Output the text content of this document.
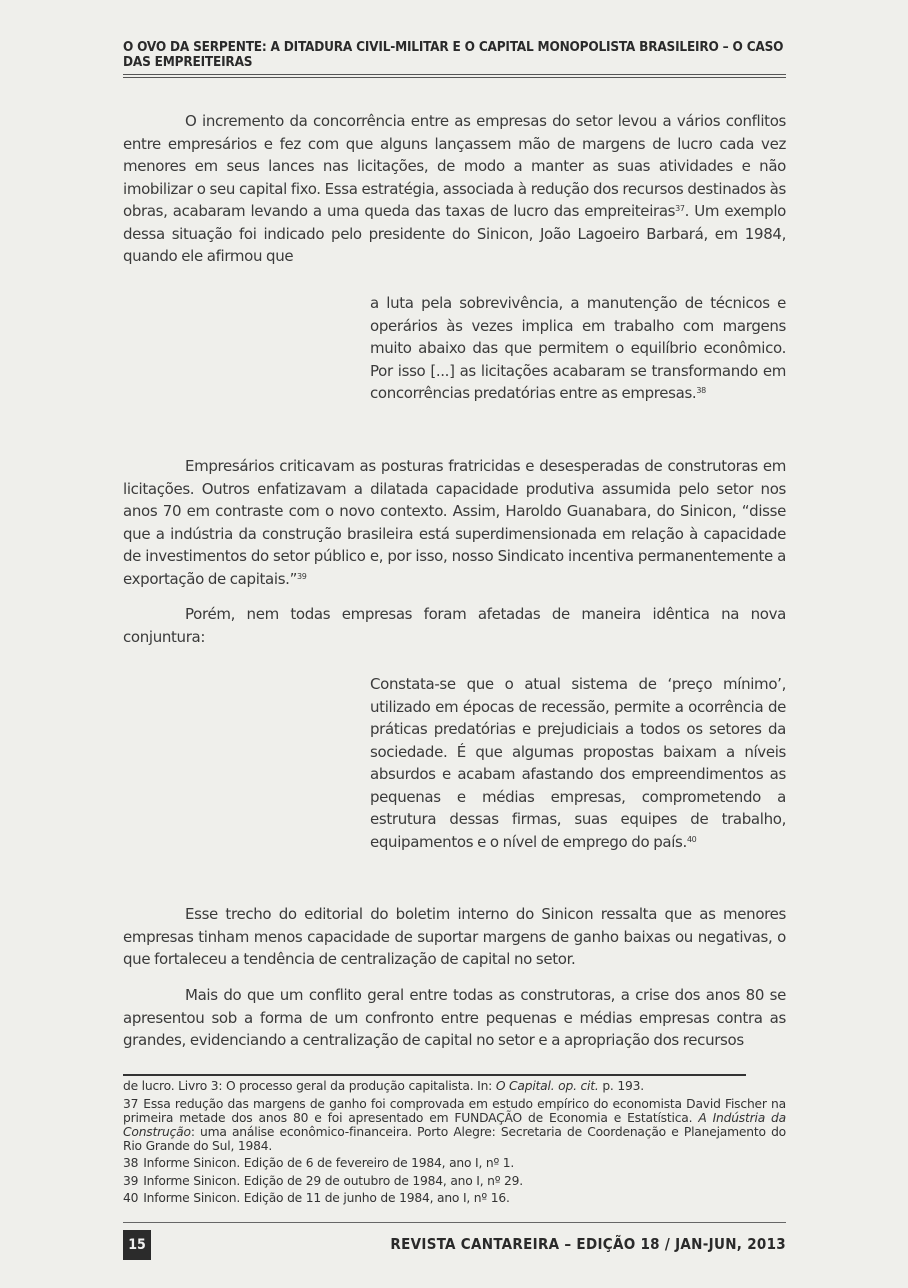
O OVO DA SERPENTE: A DITADURA CIVIL-MILITAR E O CAPITAL MONOPOLISTA BRASILEIRO – O CASO DAS EMPREITEIRAS

O incremento da concorrência entre as empresas do setor levou a vários conflitos entre empresários e fez com que alguns lançassem mão de margens de lucro cada vez menores em seus lances nas licitações, de modo a manter as suas atividades e não imobilizar o seu capital fixo. Essa estratégia, associada à redução dos recursos destinados às obras, acabaram levando a uma queda das taxas de lucro das empreiteiras$^{37}$. Um exemplo dessa situação foi indicado pelo presidente do Sinicon, João Lagoeiro Barbará, em 1984, quando ele afirmou que

a luta pela sobrevivência, a manutenção de técnicos e operários às vezes implica em trabalho com margens muito abaixo das que permitem o equilíbrio econômico. Por isso [...] as licitações acabaram se transformando em concorrências predatórias entre as empresas.$^{38}$

Empresários criticavam as posturas fratricidas e desesperadas de construtoras em licitações. Outros enfatizavam a dilatada capacidade produtiva assumida pelo setor nos anos 70 em contraste com o novo contexto. Assim, Haroldo Guanabara, do Sinicon, “disse que a indústria da construção brasileira está superdimensionada em relação à capacidade de investimentos do setor público e, por isso, nosso Sindicato incentiva permanentemente a exportação de capitais.”$^{39}$

Porém, nem todas empresas foram afetadas de maneira idêntica na nova conjuntura:

Constata-se que o atual sistema de ‘preço mínimo’, utilizado em épocas de recessão, permite a ocorrência de práticas predatórias e prejudiciais a todos os setores da sociedade. É que algumas propostas baixam a níveis absurdos e acabam afastando dos empreendimentos as pequenas e médias empresas, comprometendo a estrutura dessas firmas, suas equipes de trabalho, equipamentos e o nível de emprego do país.$^{40}$

Esse trecho do editorial do boletim interno do Sinicon ressalta que as menores empresas tinham menos capacidade de suportar margens de ganho baixas ou negativas, o que fortaleceu a tendência de centralização de capital no setor.

Mais do que um conflito geral entre todas as construtoras, a crise dos anos 80 se apresentou sob a forma de um confronto entre pequenas e médias empresas contra as grandes, evidenciando a centralização de capital no setor e a apropriação dos recursos

de lucro. Livro 3: O processo geral da produção capitalista. In: O Capital. op. cit. p. 193.

37 Essa redução das margens de ganho foi comprovada em estudo empírico do economista David Fischer na primeira metade dos anos 80 e foi apresentado em FUNDAÇÃO de Economia e Estatística. A Indústria da Construção: uma análise econômico-financeira. Porto Alegre: Secretaria de Coordenação e Planejamento do Rio Grande do Sul, 1984.

38 Informe Sinicon. Edição de 6 de fevereiro de 1984, ano I, nº 1.

39 Informe Sinicon. Edição de 29 de outubro de 1984, ano I, nº 29.

40 Informe Sinicon. Edição de 11 de junho de 1984, ano I, nº 16.

15	REVISTA CANTAREIRA – EDIÇÃO 18 / JAN-JUN, 2013
